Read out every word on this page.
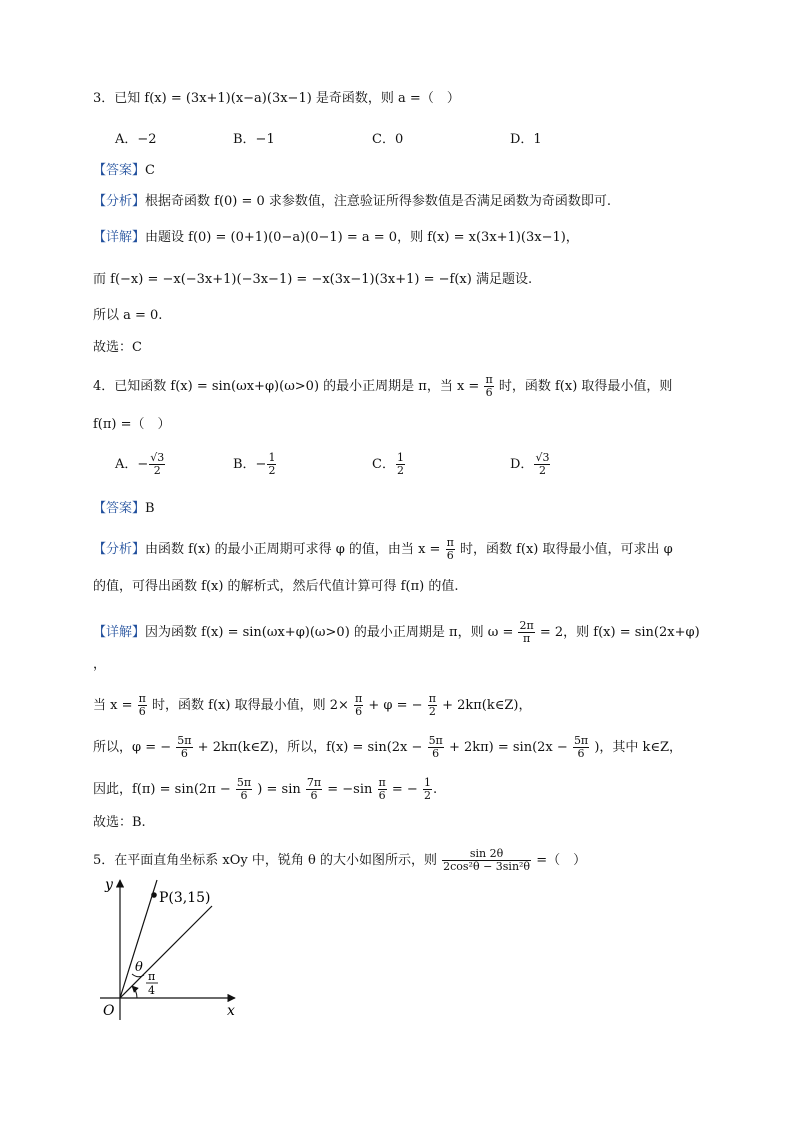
3．已知 f(x) = (3x+1)(x−a)(3x−1) 是奇函数，则 a =（　）
A．−2	B．−1	C．0	D．1
【答案】C
【分析】根据奇函数 f(0) = 0 求参数值，注意验证所得参数值是否满足函数为奇函数即可.
【详解】由题设 f(0) = (0+1)(0−a)(0−1) = a = 0，则 f(x) = x(3x+1)(3x−1)，
而 f(−x) = −x(−3x+1)(−3x−1) = −x(3x−1)(3x+1) = −f(x) 满足题设.
所以 a = 0.
故选：C
4．已知函数 f(x) = sin(ωx+φ)(ω>0) 的最小正周期是 π，当 $x = \frac{\pi}{6}$ 时，函数 f(x) 取得最小值，则
f(π) =（　）
A．− $\frac{√3}{2}$	B．− $\frac{1}{2}$	C． $\frac{1}{2}$	D． $\frac{√3}{2}$
【答案】B
【分析】由函数 f(x) 的最小正周期可求得 φ 的值，由当 $x = \frac{\pi}{6}$ 时，函数 f(x) 取得最小值，可求出 φ
的值，可得出函数 f(x) 的解析式，然后代值计算可得 f(π) 的值.
【详解】因为函数 f(x) = sin(ωx+φ)(ω>0) 的最小正周期是 π，则 $\omega = \frac{2\pi}{\pi} = 2$，则 f(x) = sin(2x+φ)
，
当 $x = \frac{\pi}{6}$ 时，函数 f(x) 取得最小值，则 $2\times \frac{\pi}{6} + \varphi$ = − $\frac{\pi}{2}$ + 2kπ(k∈Z)，
所以，φ = − $\frac{5\pi}{6}$ + 2kπ(k∈Z)，所以，$f(x) = \sin(2x - \frac{5\pi}{6} + 2k\pi) = \sin(2x - \frac{5\pi}{6}$ )，其中 k∈Z，
因此，$f(\pi) = \sin(2\pi - \frac{5\pi}{6}$ ) = $\sin \frac{7\pi}{6} = -\sin \frac{\pi}{6}$ = − $\frac{1}{2}$ .
故选：B.
5．在平面直角坐标系 xOy 中，锐角 θ 的大小如图所示，则 $\frac{\sin 2\theta}{\text{2cos²θ − 3sin²θ}}$ =（　）
y
x
O
P(3,15)
θ
π
4
